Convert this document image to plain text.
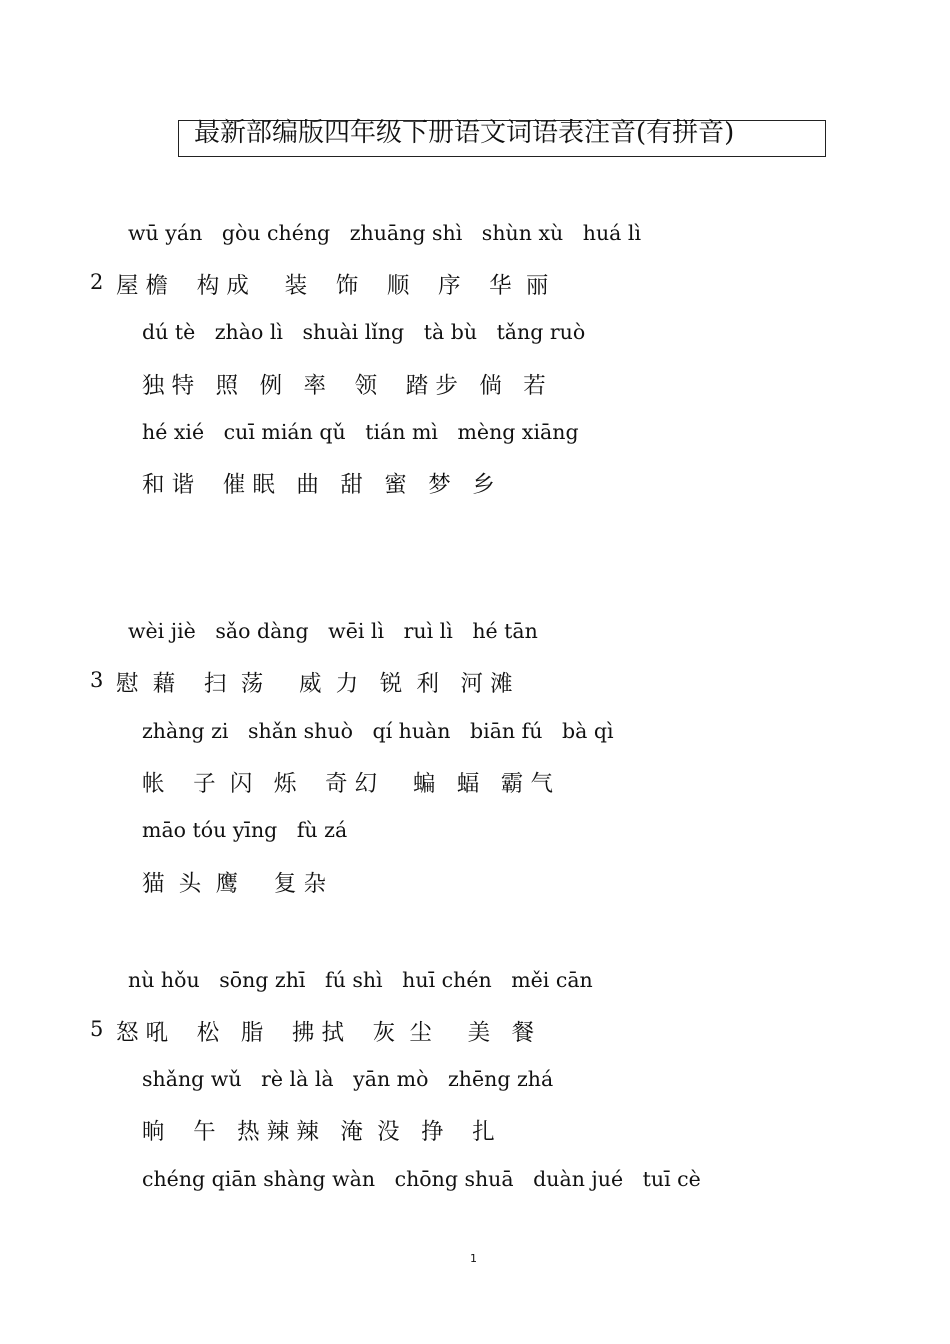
最新部编版四年级下册语文词语表注音(有拼音)
wū yán   gòu chéng   zhuāng shì   shùn xù   huá lì
2 屋 檐    构 成     装    饰    顺    序    华  丽
dú tè   zhào lì   shuài lǐng   tà bù   tǎng ruò
独 特   照   例   率    领    踏 步   倘   若
hé xié   cuī mián qǔ   tián mì   mèng xiāng
和 谐    催 眠   曲   甜   蜜   梦   乡
wèi jiè   sǎo dàng   wēi lì   ruì lì   hé tān
3 慰  藉    扫  荡     威  力   锐  利   河 滩
zhàng zi   shǎn shuò   qí huàn   biān fú   bà qì
帐    子  闪   烁    奇 幻     蝙   蝠   霸 气
māo tóu yīng   fù zá
猫  头  鹰     复 杂
nù hǒu   sōng zhī   fú shì   huī chén   měi cān
5 怒 吼    松   脂    拂 拭    灰  尘     美   餐
shǎng wǔ   rè là là   yān mò   zhēng zhá
晌    午   热 辣 辣   淹  没   挣    扎
chéng qiān shàng wàn   chōng shuā   duàn jué   tuī cè
1
